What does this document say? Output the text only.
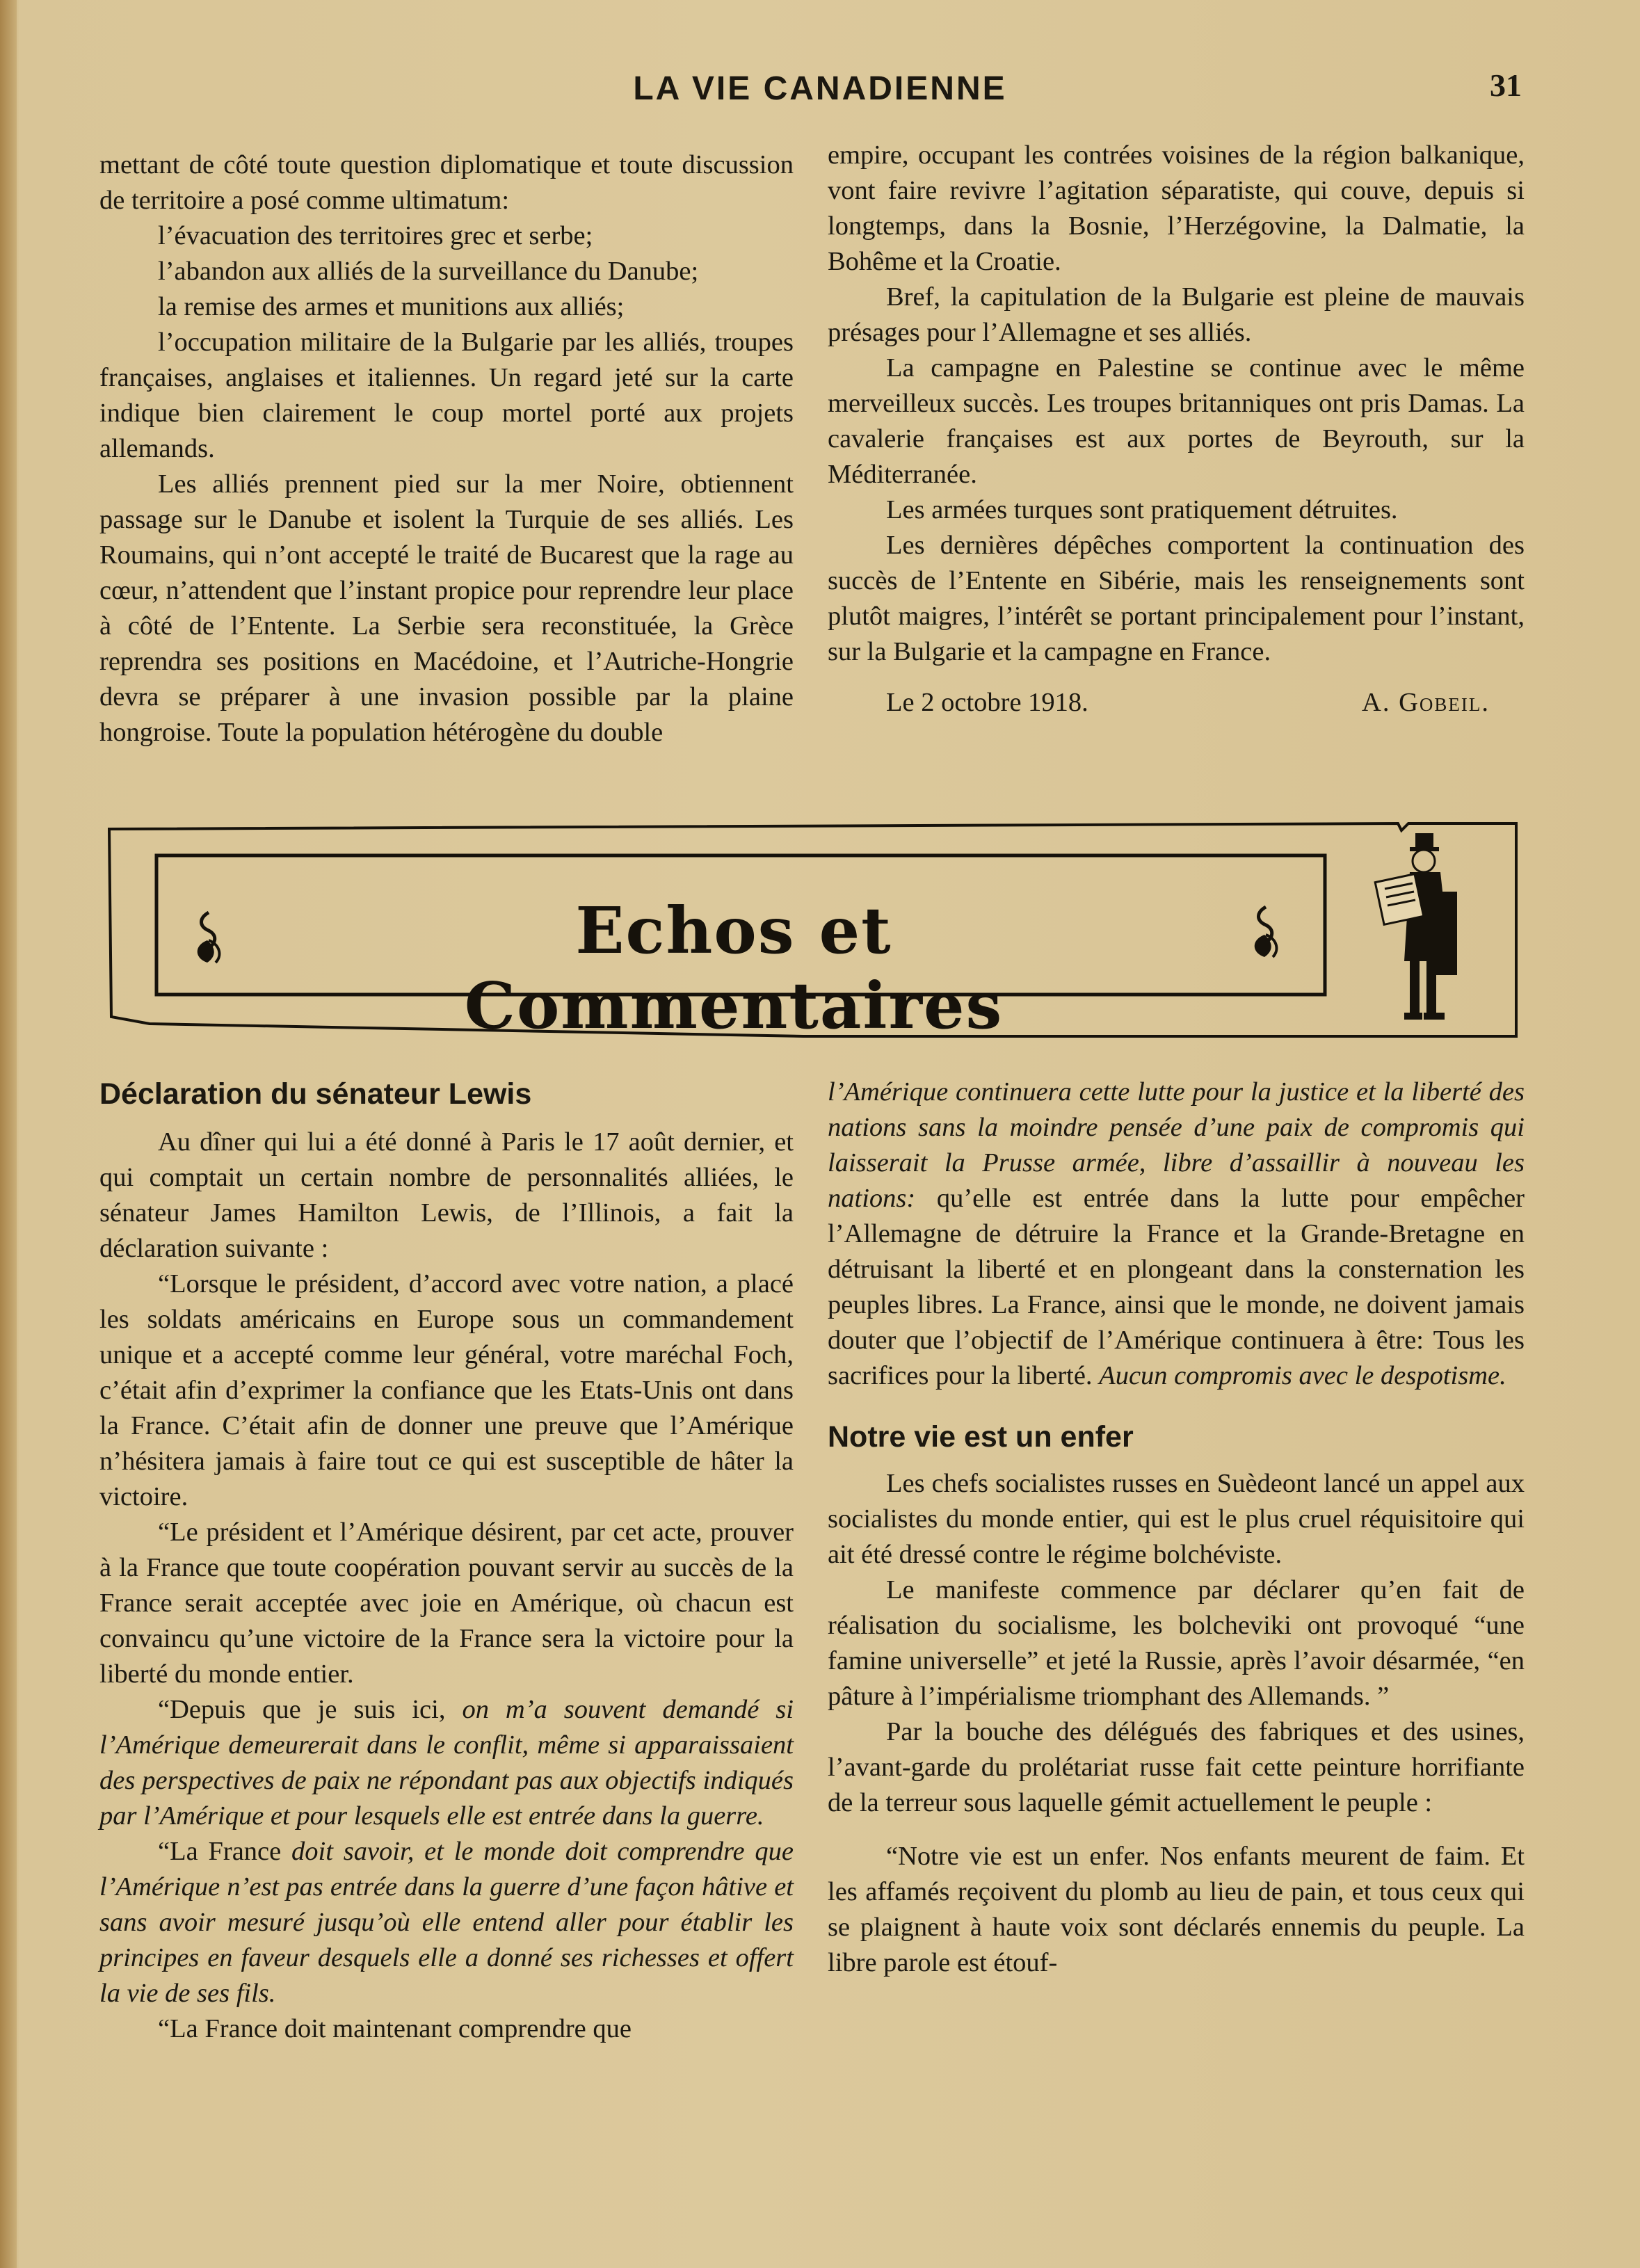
LA VIE CANADIENNE	31

mettant de côté toute question diplomatique et toute discussion de territoire a posé comme ultimatum:

l’évacuation des territoires grec et serbe;

l’abandon aux alliés de la surveillance du Danube;

la remise des armes et munitions aux alliés;

l’occupation militaire de la Bulgarie par les alliés, troupes françaises, anglaises et italiennes. Un regard jeté sur la carte indique bien clairement le coup mortel porté aux projets allemands.

Les alliés prennent pied sur la mer Noire, obtiennent passage sur le Danube et isolent la Turquie de ses alliés. Les Roumains, qui n’ont accepté le traité de Bucarest que la rage au cœur, n’attendent que l’instant propice pour reprendre leur place à côté de l’Entente. La Serbie sera reconstituée, la Grèce reprendra ses positions en Macédoine, et l’Autriche-Hongrie devra se préparer à une invasion possible par la plaine hongroise. Toute la population hétérogène du double

empire, occupant les contrées voisines de la région balkanique, vont faire revivre l’agitation séparatiste, qui couve, depuis si longtemps, dans la Bosnie, l’Herzégovine, la Dalmatie, la Bohême et la Croatie.

Bref, la capitulation de la Bulgarie est pleine de mauvais présages pour l’Allemagne et ses alliés.

La campagne en Palestine se continue avec le même merveilleux succès. Les troupes britanniques ont pris Damas. La cavalerie françaises est aux portes de Beyrouth, sur la Méditerranée.

Les armées turques sont pratiquement détruites.

Les dernières dépêches comportent la continuation des succès de l’Entente en Sibérie, mais les renseignements sont plutôt maigres, l’intérêt se portant principalement pour l’instant, sur la Bulgarie et la campagne en France.

Le 2 octobre 1918.	A. Gobeil.
Echos et Commentaires
Déclaration du sénateur Lewis

Au dîner qui lui a été donné à Paris le 17 août dernier, et qui comptait un certain nombre de personnalités alliées, le sénateur James Hamilton Lewis, de l’Illinois, a fait la déclaration suivante :

“Lorsque le président, d’accord avec votre nation, a placé les soldats américains en Europe sous un commandement unique et a accepté comme leur général, votre maréchal Foch, c’était afin d’exprimer la confiance que les Etats-Unis ont dans la France. C’était afin de donner une preuve que l’Amérique n’hésitera jamais à faire tout ce qui est susceptible de hâter la victoire.

“Le président et l’Amérique désirent, par cet acte, prouver à la France que toute coopération pouvant servir au succès de la France serait acceptée avec joie en Amérique, où chacun est convaincu qu’une victoire de la France sera la victoire pour la liberté du monde entier.

“Depuis que je suis ici, on m’a souvent demandé si l’Amérique demeurerait dans le conflit, même si apparaissaient des perspectives de paix ne répondant pas aux objectifs indiqués par l’Amérique et pour lesquels elle est entrée dans la guerre.

“La France doit savoir, et le monde doit comprendre que l’Amérique n’est pas entrée dans la guerre d’une façon hâtive et sans avoir mesuré jusqu’où elle entend aller pour établir les principes en faveur desquels elle a donné ses richesses et offert la vie de ses fils.

“La France doit maintenant comprendre que

l’Amérique continuera cette lutte pour la justice et la liberté des nations sans la moindre pensée d’une paix de compromis qui laisserait la Prusse armée, libre d’assaillir à nouveau les nations: qu’elle est entrée dans la lutte pour empêcher l’Allemagne de détruire la France et la Grande-Bretagne en détruisant la liberté et en plongeant dans la consternation les peuples libres. La France, ainsi que le monde, ne doivent jamais douter que l’objectif de l’Amérique continuera à être: Tous les sacrifices pour la liberté. Aucun compromis avec le despotisme.

Notre vie est un enfer

Les chefs socialistes russes en Suèdeont lancé un appel aux socialistes du monde entier, qui est le plus cruel réquisitoire qui ait été dressé contre le régime bolchéviste.

Le manifeste commence par déclarer qu’en fait de réalisation du socialisme, les bolcheviki ont provoqué “une famine universelle” et jeté la Russie, après l’avoir désarmée, “en pâture à l’impérialisme triomphant des Allemands. ”

Par la bouche des délégués des fabriques et des usines, l’avant-garde du prolétariat russe fait cette peinture horrifiante de la terreur sous laquelle gémit actuellement le peuple :

“Notre vie est un enfer. Nos enfants meurent de faim. Et les affamés reçoivent du plomb au lieu de pain, et tous ceux qui se plaignent à haute voix sont déclarés ennemis du peuple. La libre parole est étouf-
